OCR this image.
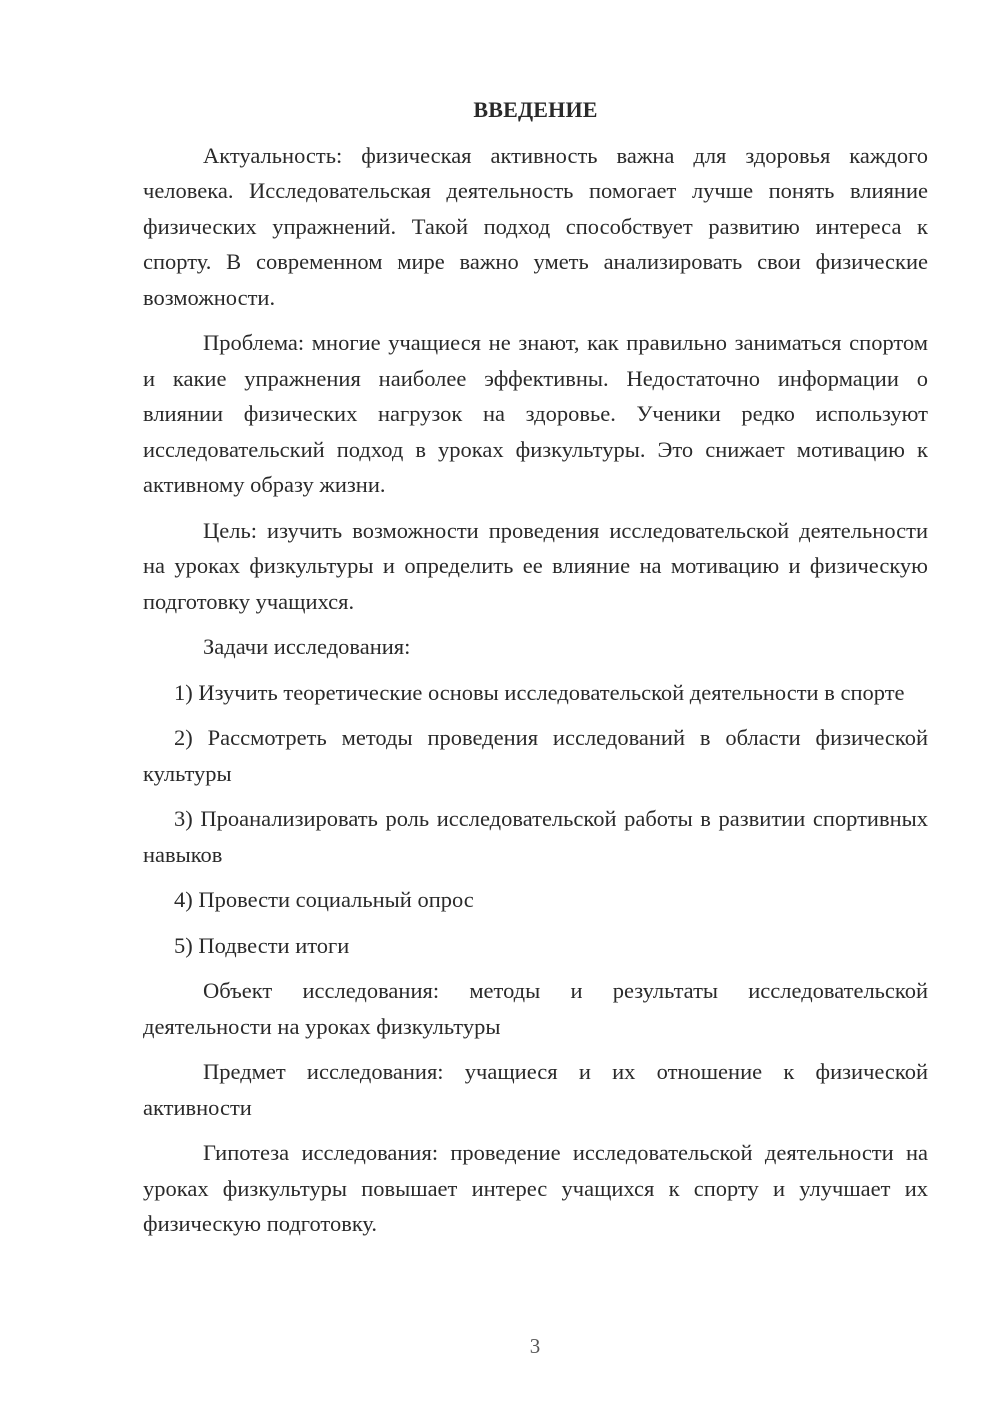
ВВЕДЕНИЕ

Актуальность: физическая активность важна для здоровья каждого человека. Исследовательская деятельность помогает лучше понять влияние физических упражнений. Такой подход способствует развитию интереса к спорту. В современном мире важно уметь анализировать свои физические возможности.

Проблема: многие учащиеся не знают, как правильно заниматься спортом и какие упражнения наиболее эффективны. Недостаточно информации о влиянии физических нагрузок на здоровье. Ученики редко используют исследовательский подход в уроках физкультуры. Это снижает мотивацию к активному образу жизни.

Цель: изучить возможности проведения исследовательской деятельности на уроках физкультуры и определить ее влияние на мотивацию и физическую подготовку учащихся.

Задачи исследования:

1) Изучить теоретические основы исследовательской деятельности в спорте

2) Рассмотреть методы проведения исследований в области физической культуры

3) Проанализировать роль исследовательской работы в развитии спортивных навыков

4) Провести социальный опрос

5) Подвести итоги

Объект исследования: методы и результаты исследовательской деятельности на уроках физкультуры

Предмет исследования: учащиеся и их отношение к физической активности

Гипотеза исследования: проведение исследовательской деятельности на уроках физкультуры повышает интерес учащихся к спорту и улучшает их физическую подготовку.

3
